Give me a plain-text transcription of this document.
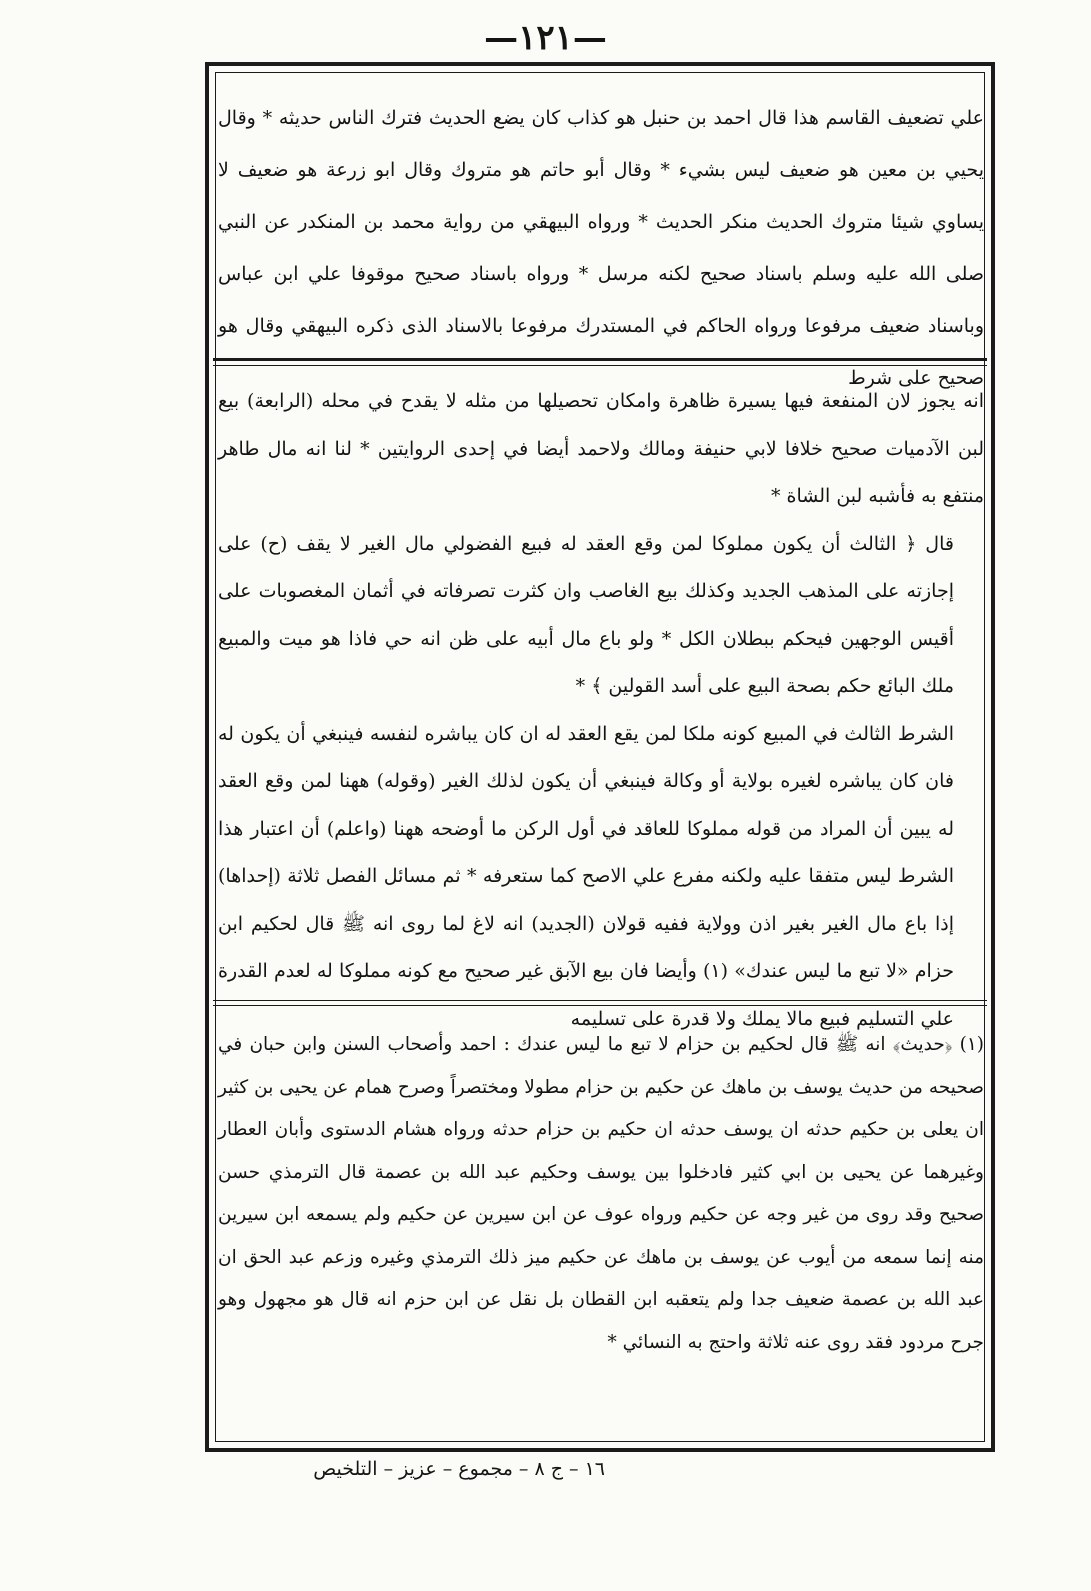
—١٢١—

علي تضعيف القاسم هذا قال احمد بن حنبل هو كذاب كان يضع الحديث فترك الناس حديثه * وقال يحيي بن معين هو ضعيف ليس بشيء * وقال أبو حاتم هو متروك وقال ابو زرعة هو ضعيف لا يساوي شيئا متروك الحديث منكر الحديث * ورواه البيهقي من رواية محمد بن المنكدر عن النبي صلى الله عليه وسلم باسناد صحيح لكنه مرسل * ورواه باسناد صحيح موقوفا علي ابن عباس وباسناد ضعيف مرفوعا ورواه الحاكم في المستدرك مرفوعا بالاسناد الذى ذكره البيهقي وقال هو صحيح على شرط

انه يجوز لان المنفعة فيها يسيرة ظاهرة وامكان تحصيلها من مثله لا يقدح في محله (الرابعة) بيع لبن الآدميات صحيح خلافا لابي حنيفة ومالك ولاحمد أيضا في إحدى الروايتين * لنا انه مال طاهر منتفع به فأشبه لبن الشاة *

قال ﴿ الثالث أن يكون مملوكا لمن وقع العقد له فبيع الفضولي مال الغير لا يقف (ح) على إجازته على المذهب الجديد وكذلك بيع الغاصب وان كثرت تصرفاته في أثمان المغصوبات على أقيس الوجهين فيحكم ببطلان الكل * ولو باع مال أبيه على ظن انه حي فاذا هو ميت والمبيع ملك البائع حكم بصحة البيع على أسد القولين ﴾ *

الشرط الثالث في المبيع كونه ملكا لمن يقع العقد له ان كان يباشره لنفسه فينبغي أن يكون له فان كان يباشره لغيره بولاية أو وكالة فينبغي أن يكون لذلك الغير (وقوله) ههنا لمن وقع العقد له يبين أن المراد من قوله مملوكا للعاقد في أول الركن ما أوضحه ههنا (واعلم) أن اعتبار هذا الشرط ليس متفقا عليه ولكنه مفرع علي الاصح كما ستعرفه * ثم مسائل الفصل ثلاثة (إحداها) إذا باع مال الغير بغير اذن وولاية ففيه قولان (الجديد) انه لاغ لما روى انه ﷺ قال لحكيم ابن حزام «لا تبع ما ليس عندك» (١) وأيضا فان بيع الآبق غير صحيح مع كونه مملوكا له لعدم القدرة علي التسليم فبيع مالا يملك ولا قدرة على تسليمه

(١) ﴿حديث﴾ انه ﷺ قال لحكيم بن حزام لا تبع ما ليس عندك : احمد وأصحاب السنن وابن حبان في صحيحه من حديث يوسف بن ماهك عن حكيم بن حزام مطولا ومختصراً وصرح همام عن يحيى بن كثير ان يعلى بن حكيم حدثه ان يوسف حدثه ان حكيم بن حزام حدثه ورواه هشام الدستوى وأبان العطار وغيرهما عن يحيى بن ابي كثير فادخلوا بين يوسف وحكيم عبد الله بن عصمة قال الترمذي حسن صحيح وقد روى من غير وجه عن حكيم ورواه عوف عن ابن سيرين عن حكيم ولم يسمعه ابن سيرين منه إنما سمعه من أيوب عن يوسف بن ماهك عن حكيم ميز ذلك الترمذي وغيره وزعم عبد الحق ان عبد الله بن عصمة ضعيف جدا ولم يتعقبه ابن القطان بل نقل عن ابن حزم انه قال هو مجهول وهو جرح مردود فقد روى عنه ثلاثة واحتج به النسائي *

١٦ – ج ٨ – مجموع – عزيز – التلخيص
